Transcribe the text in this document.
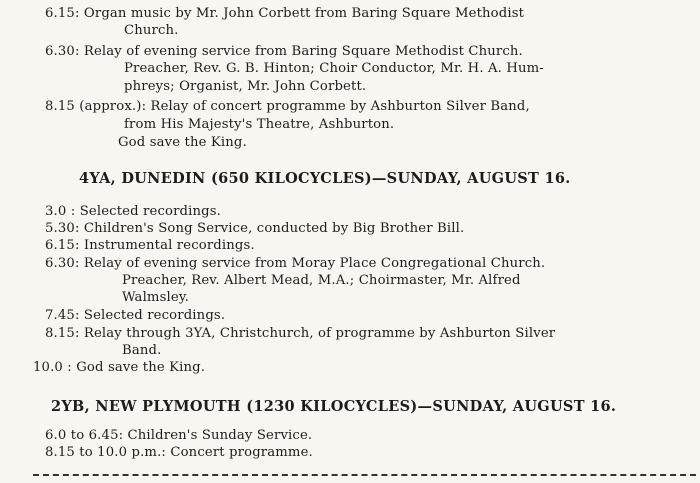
6.15: Organ music by Mr. John Corbett from Baring Square Methodist
Church.
6.30: Relay of evening service from Baring Square Methodist Church.
Preacher, Rev. G. B. Hinton; Choir Conductor, Mr. H. A. Hum-
phreys; Organist, Mr. John Corbett.
8.15 (approx.): Relay of concert programme by Ashburton Silver Band,
from His Majesty's Theatre, Ashburton.
God save the King.
4YA, DUNEDIN (650 KILOCYCLES)—SUNDAY, AUGUST 16.
3.0 : Selected recordings.
5.30: Children's Song Service, conducted by Big Brother Bill.
6.15: Instrumental recordings.
6.30: Relay of evening service from Moray Place Congregational Church.
Preacher, Rev. Albert Mead, M.A.; Choirmaster, Mr. Alfred
Walmsley.
7.45: Selected recordings.
8.15: Relay through 3YA, Christchurch, of programme by Ashburton Silver
Band.
10.0 : God save the King.
2YB, NEW PLYMOUTH (1230 KILOCYCLES)—SUNDAY, AUGUST 16.
6.0 to 6.45: Children's Sunday Service.
8.15 to 10.0 p.m.: Concert programme.
